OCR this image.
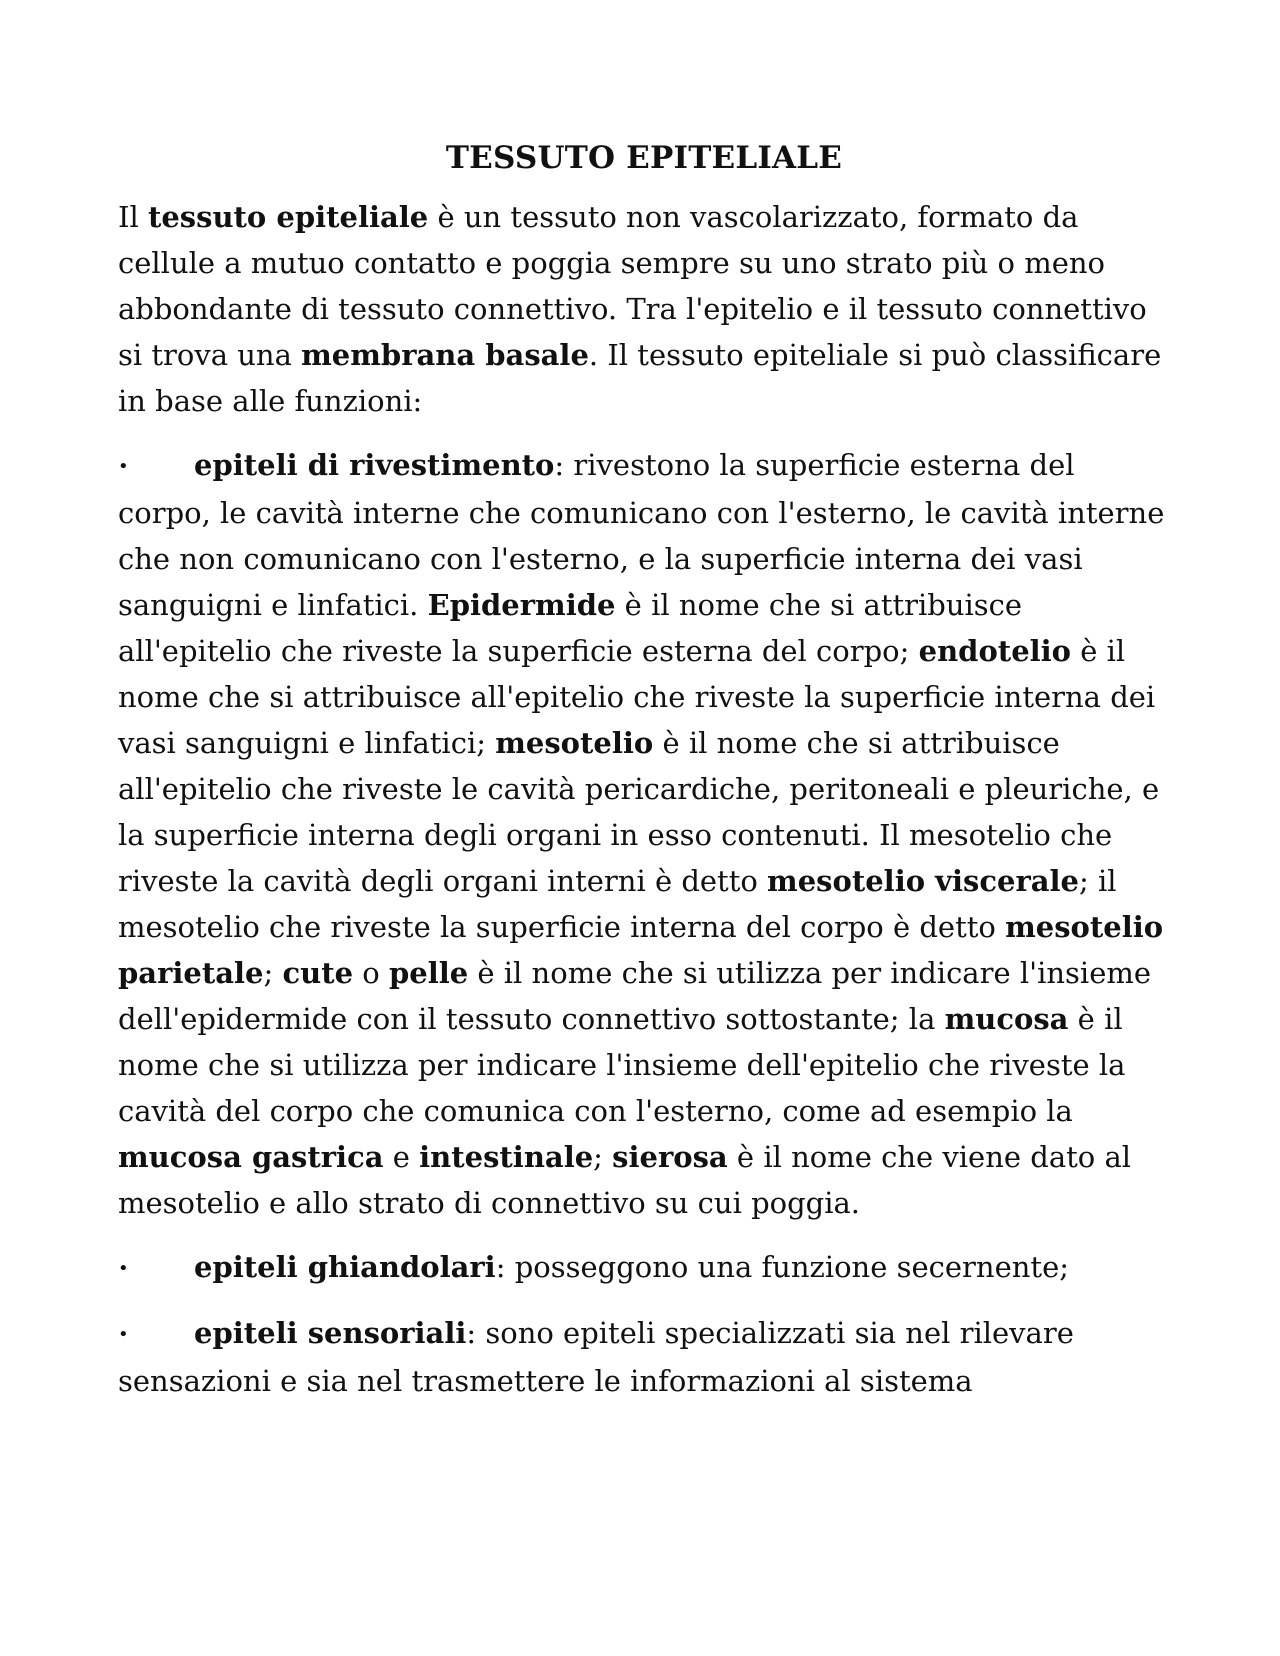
TESSUTO EPITELIALE

Il tessuto epiteliale è un tessuto non vascolarizzato, formato da cellule a mutuo contatto e poggia sempre su uno strato più o meno abbondante di tessuto connettivo. Tra l'epitelio e il tessuto connettivo si trova una membrana basale. Il tessuto epiteliale si può classificare in base alle funzioni:

• epiteli di rivestimento: rivestono la superficie esterna del corpo, le cavità interne che comunicano con l'esterno, le cavità interne che non comunicano con l'esterno, e la superficie interna dei vasi sanguigni e linfatici. Epidermide è il nome che si attribuisce all'epitelio che riveste la superficie esterna del corpo; endotelio è il nome che si attribuisce all'epitelio che riveste la superficie interna dei vasi sanguigni e linfatici; mesotelio è il nome che si attribuisce all'epitelio che riveste le cavità pericardiche, peritoneali e pleuriche, e la superficie interna degli organi in esso contenuti. Il mesotelio che riveste la cavità degli organi interni è detto mesotelio viscerale; il mesotelio che riveste la superficie interna del corpo è detto mesotelio parietale; cute o pelle è il nome che si utilizza per indicare l'insieme dell'epidermide con il tessuto connettivo sottostante; la mucosa è il nome che si utilizza per indicare l'insieme dell'epitelio che riveste la cavità del corpo che comunica con l'esterno, come ad esempio la mucosa gastrica e intestinale; sierosa è il nome che viene dato al mesotelio e allo strato di connettivo su cui poggia.

• epiteli ghiandolari: posseggono una funzione secernente;

• epiteli sensoriali: sono epiteli specializzati sia nel rilevare sensazioni e sia nel trasmettere le informazioni al sistema
